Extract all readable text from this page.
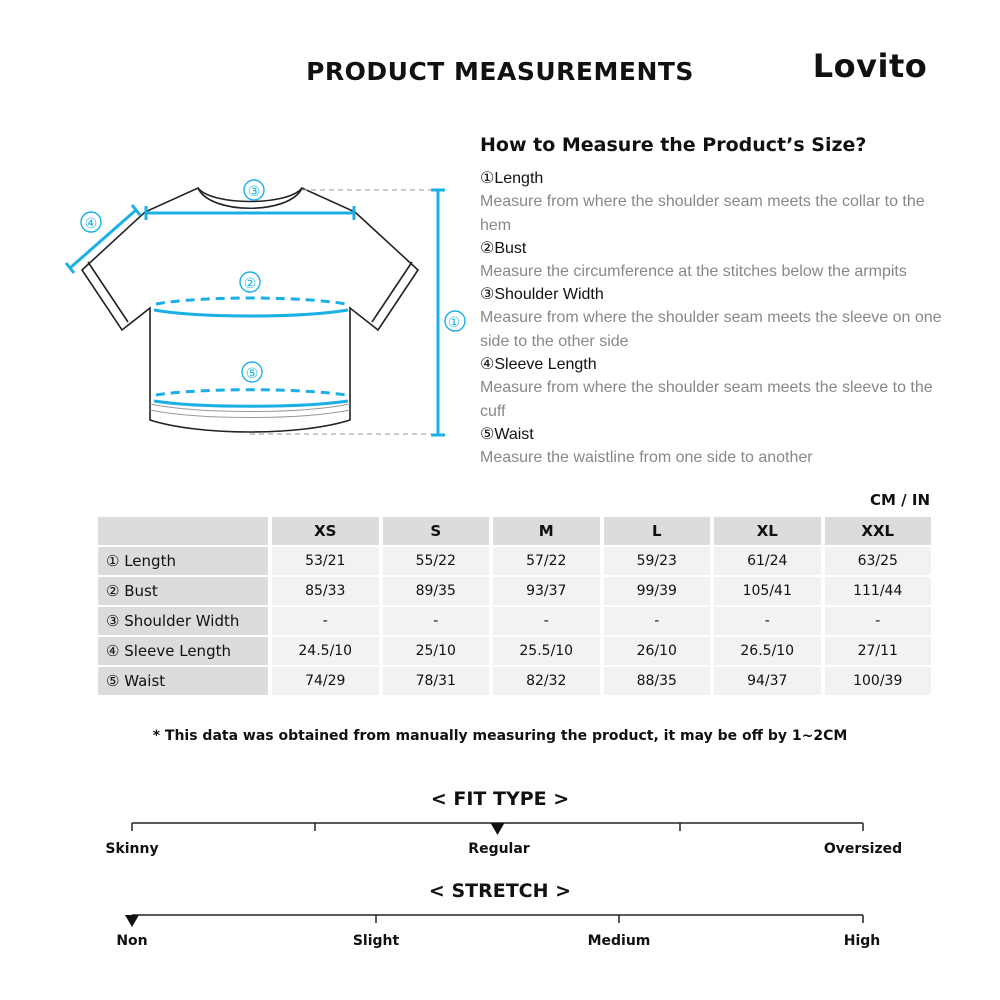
PRODUCT MEASUREMENTS	Lovito
①
②
③
④
⑤
How to Measure the Product’s Size?
①Length
Measure from where the shoulder seam meets the collar to the hem
②Bust
Measure the circumference at the stitches below the armpits
③Shoulder Width
Measure from where the shoulder seam meets the sleeve on one side to the other side
④Sleeve Length
Measure from where the shoulder seam meets the sleeve to the cuff
⑤Waist
Measure the waistline from one side to another
CM / IN
	XS	S	M	L	XL	XXL
① Length	53/21	55/22	57/22	59/23	61/24	63/25
② Bust	85/33	89/35	93/37	99/39	105/41	111/44
③ Shoulder Width	-	-	-	-	-	-
④ Sleeve Length	24.5/10	25/10	25.5/10	26/10	26.5/10	27/11
⑤ Waist	74/29	78/31	82/32	88/35	94/37	100/39
* This data was obtained from manually measuring the product, it may be off by 1~2CM
< FIT TYPE >
Skinny	Regular	Oversized
< STRETCH >
Non	Slight	Medium	High
